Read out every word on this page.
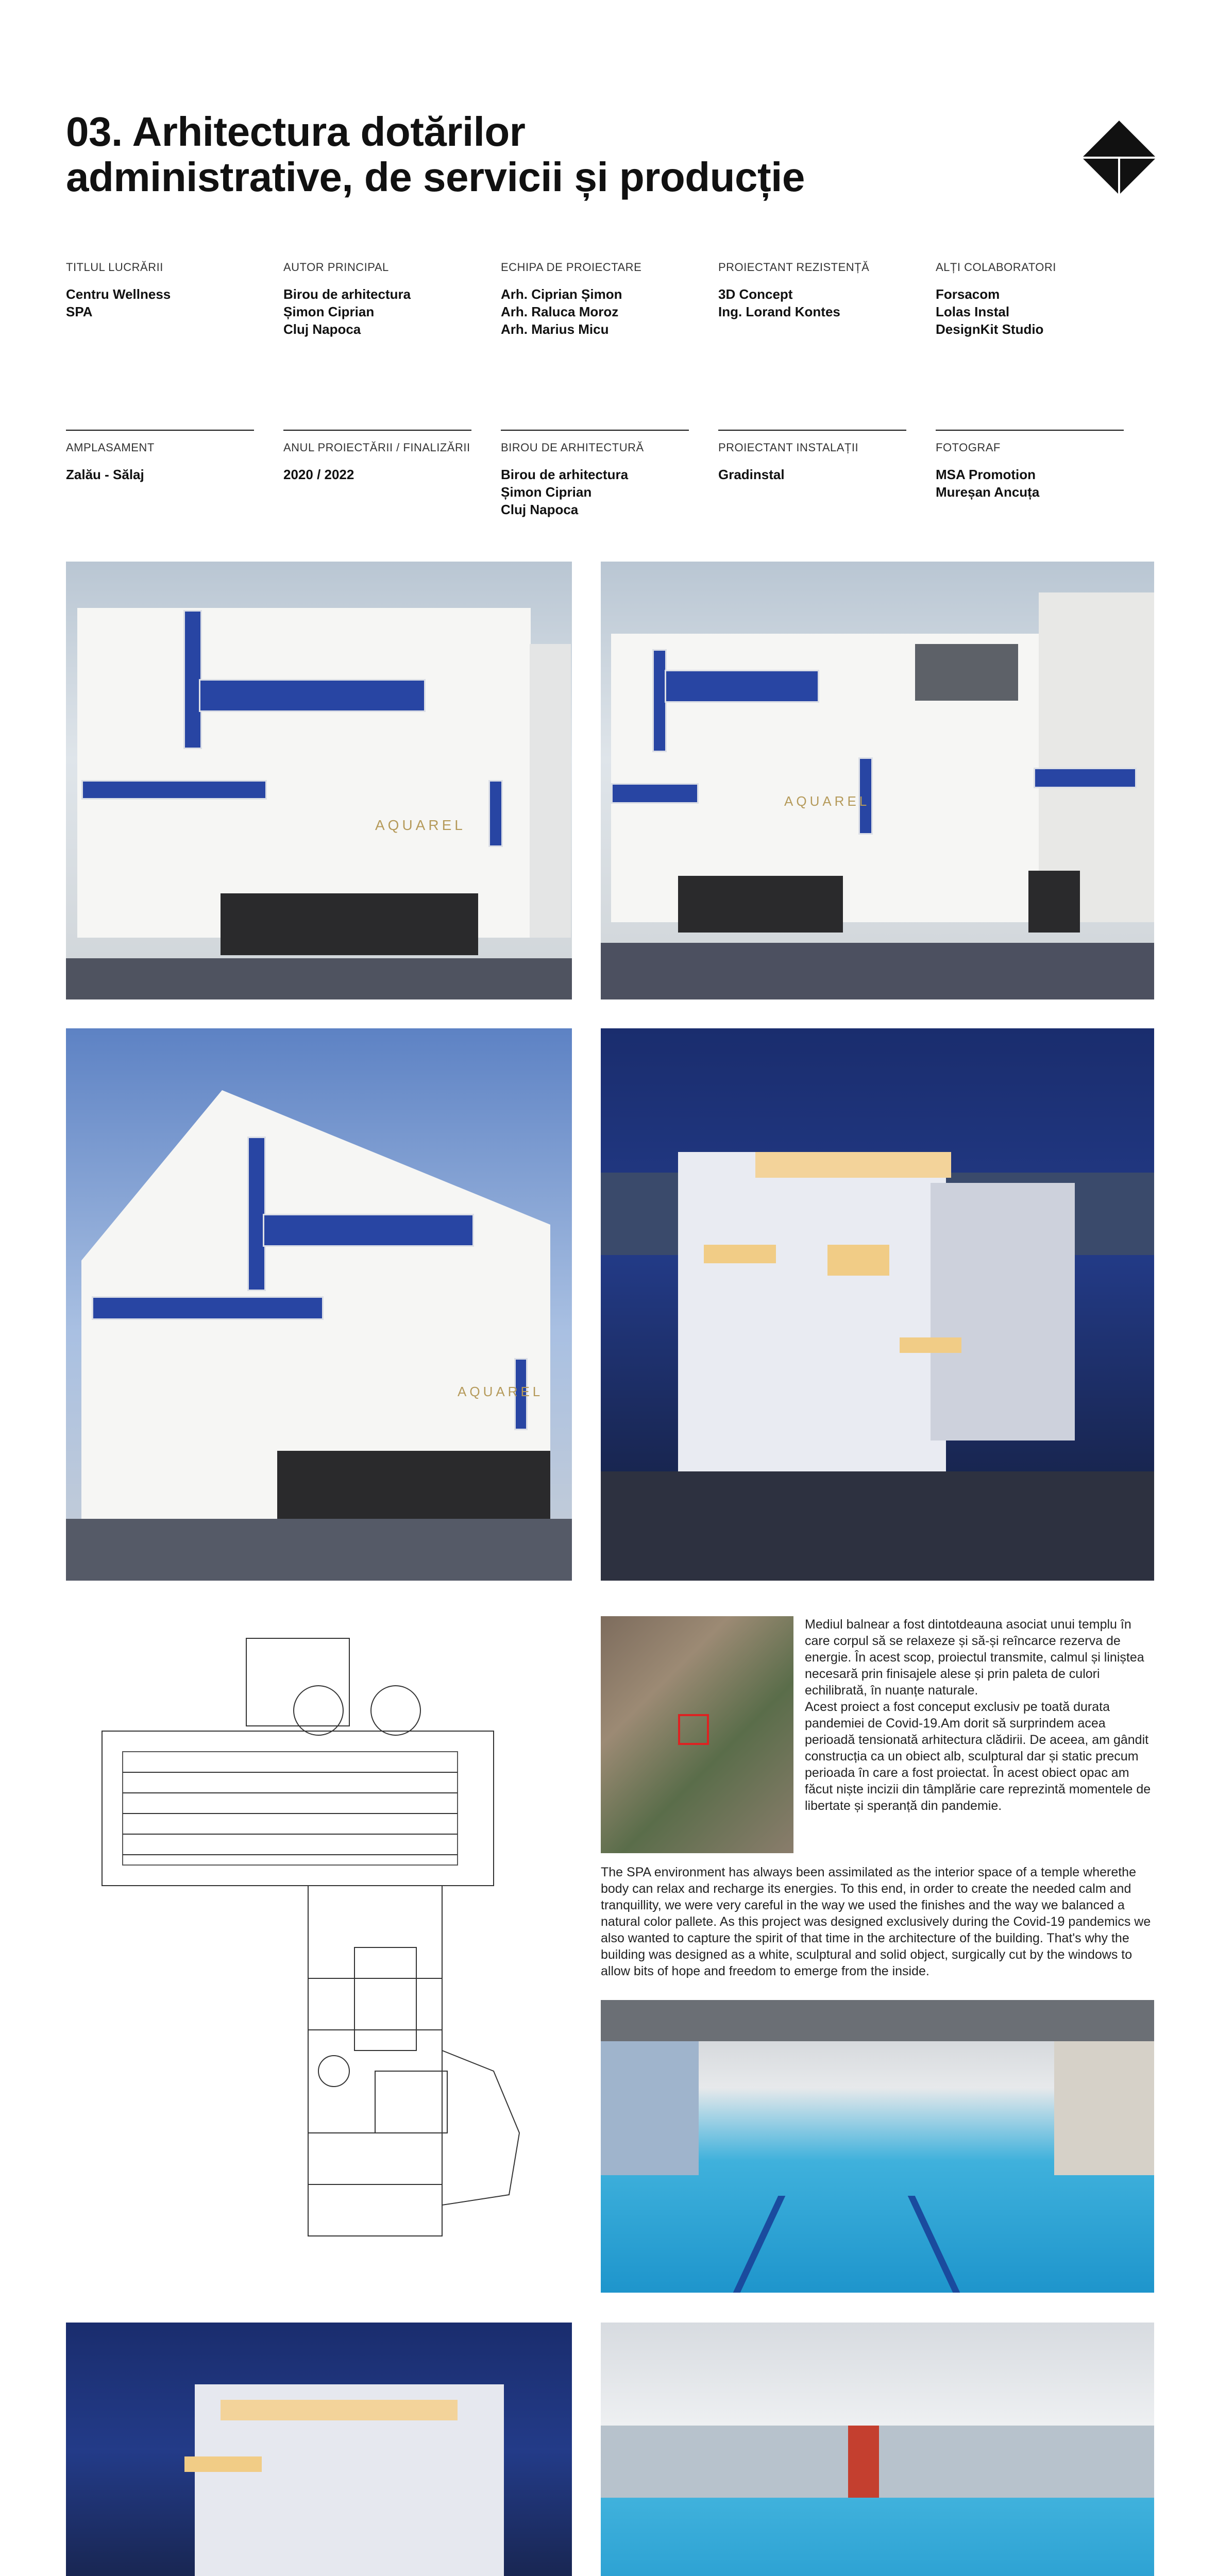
03. Arhitectura dotărilor
administrative, de servicii și producție
TITLUL LUCRĂRII
Centru Wellness
SPA
AUTOR PRINCIPAL
Birou de arhitectura
Șimon Ciprian
Cluj Napoca
ECHIPA DE PROIECTARE
Arh. Ciprian Șimon
Arh. Raluca Moroz
Arh. Marius Micu
PROIECTANT REZISTENȚĂ
3D Concept
Ing. Lorand Kontes
ALȚI COLABORATORI
Forsacom
Lolas Instal
DesignKit Studio
AMPLASAMENT
Zalău - Sălaj
ANUL PROIECTĂRII / FINALIZĂRII
2020 / 2022
BIROU DE ARHITECTURĂ
Birou de arhitectura
Șimon Ciprian
Cluj Napoca
PROIECTANT INSTALAȚII
Gradinstal
FOTOGRAF
MSA Promotion
Mureșan Ancuța
AQUAREL
AQUAREL
AQUAREL
Mediul balnear a fost dintotdeauna asociat unui templu în care corpul să se relaxeze și să-și reîncarce rezerva de energie. În acest scop, proiectul transmite, calmul și liniștea necesară prin finisajele alese și prin paleta de culori echilibrată, în nuanțe naturale.
Acest proiect a fost conceput exclusiv pe toată durata pandemiei de Covid-19.Am dorit să surprindem acea perioadă tensionată arhitectura clădirii. De aceea, am gândit construcția ca un obiect alb, sculptural dar și static precum perioada în care a fost proiectat. În acest obiect opac am făcut niște incizii din tâmplărie care reprezintă momentele de libertate și speranță din pandemie.
The SPA environment has always been assimilated as the interior space of a temple wherethe body can relax and recharge its energies. To this end, in order to create the needed calm and tranquillity, we were very careful in the way we used the finishes and the way we balanced a natural color pallete. As this project was designed exclusively during the Covid-19 pandemics we also wanted to capture the spirit of that time in the architecture of the building. That's why the building was designed as a white, sculptural and solid object, surgically cut by the windows to allow bits of hope and freedom to emerge from the inside.
